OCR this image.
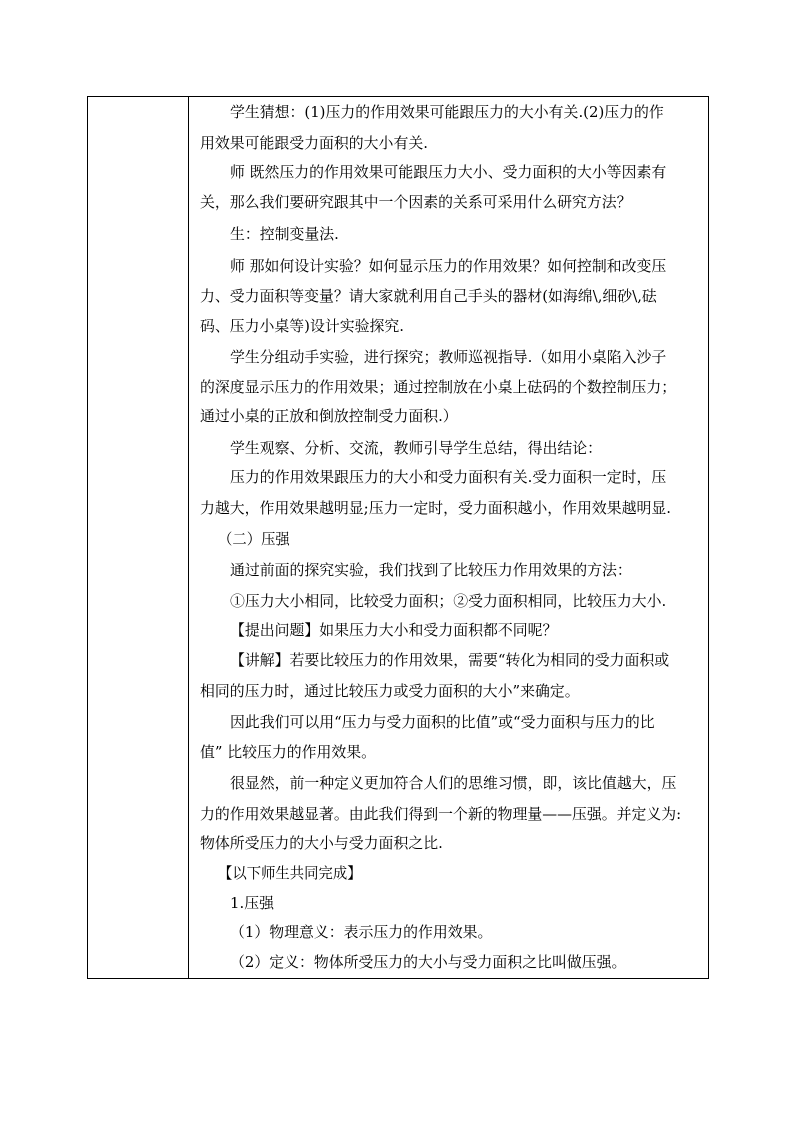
学生猜想：(1)压力的作用效果可能跟压力的大小有关.(2)压力的作
用效果可能跟受力面积的大小有关.
师 既然压力的作用效果可能跟压力大小、受力面积的大小等因素有
关，那么我们要研究跟其中一个因素的关系可采用什么研究方法？
生：控制变量法.
师 那如何设计实验？如何显示压力的作用效果？如何控制和改变压
力、受力面积等变量？请大家就利用自己手头的器材(如海绵\,细砂\,砝
码、压力小桌等)设计实验探究.
学生分组动手实验，进行探究；教师巡视指导.（如用小桌陷入沙子
的深度显示压力的作用效果；通过控制放在小桌上砝码的个数控制压力；
通过小桌的正放和倒放控制受力面积.）
学生观察、分析、交流，教师引导学生总结，得出结论：
压力的作用效果跟压力的大小和受力面积有关.受力面积一定时，压
力越大，作用效果越明显;压力一定时，受力面积越小，作用效果越明显.
（二）压强
通过前面的探究实验，我们找到了比较压力作用效果的方法：
①压力大小相同，比较受力面积；②受力面积相同，比较压力大小.
【提出问题】如果压力大小和受力面积都不同呢？
【讲解】若要比较压力的作用效果，需要“转化为相同的受力面积或
相同的压力时，通过比较压力或受力面积的大小”来确定。
因此我们可以用“压力与受力面积的比值”或“受力面积与压力的比
值” 比较压力的作用效果。
很显然，前一种定义更加符合人们的思维习惯，即，该比值越大，压
力的作用效果越显著。由此我们得到一个新的物理量——压强。并定义为:
物体所受压力的大小与受力面积之比.
【以下师生共同完成】
1.压强
（1）物理意义：表示压力的作用效果。
（2）定义：物体所受压力的大小与受力面积之比叫做压强。
